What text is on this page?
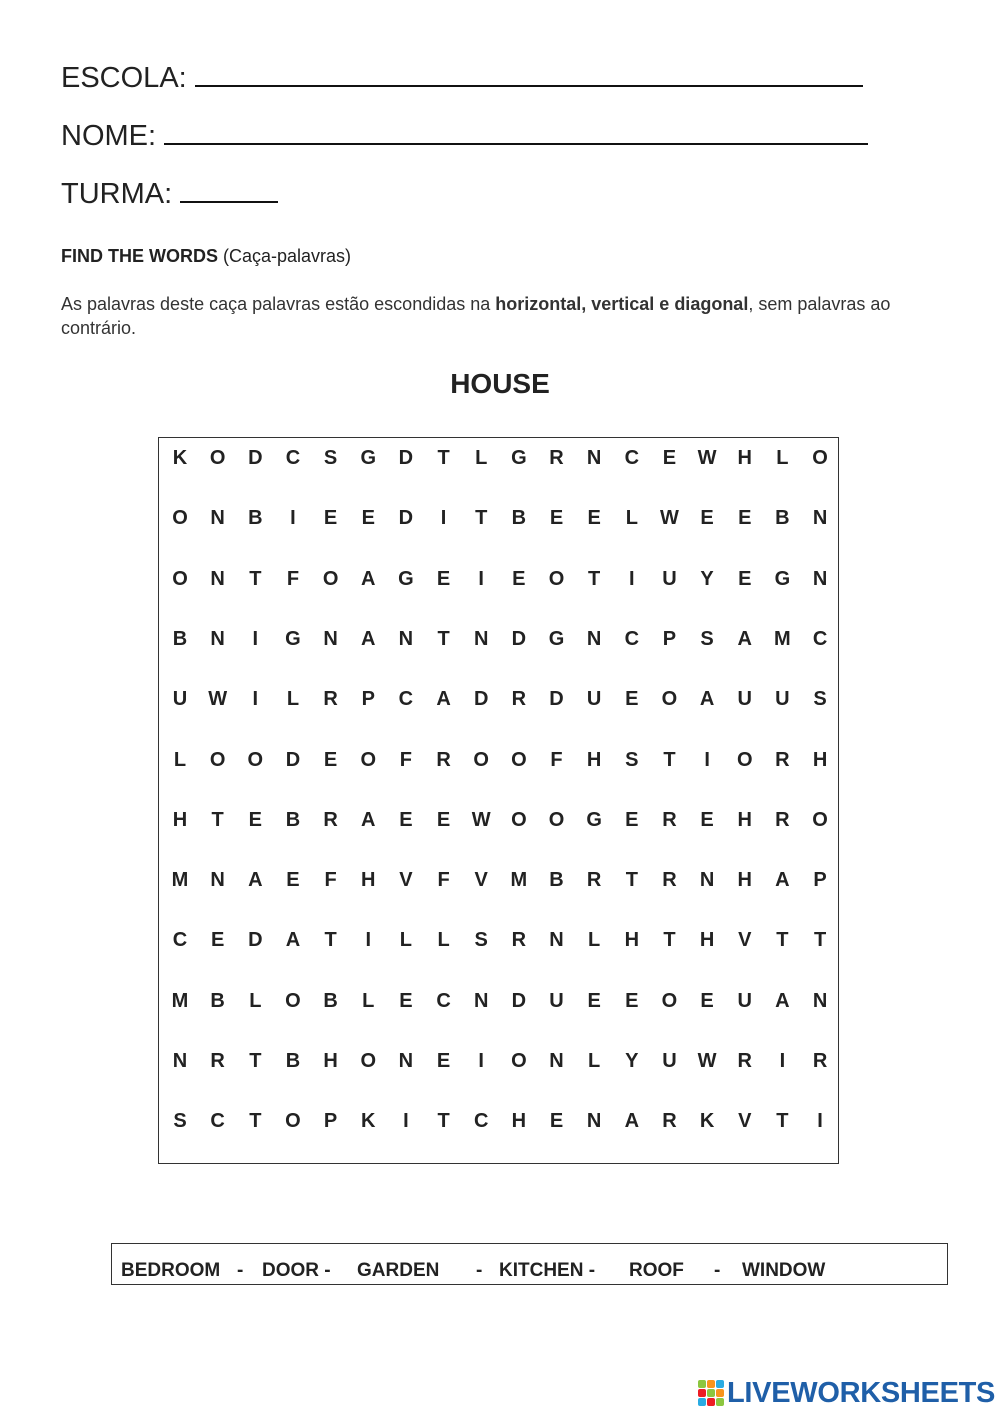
ESCOLA:
NOME:
TURMA:
FIND THE WORDS (Caça-palavras)
As palavras deste caça palavras estão escondidas na horizontal, vertical e diagonal, sem palavras ao contrário.
HOUSE
K	O	D	C	S	G	D	T	L	G	R	N	C	E	W	H	L	O
O	N	B	I	E	E	D	I	T	B	E	E	L	W	E	E	B	N
O	N	T	F	O	A	G	E	I	E	O	T	I	U	Y	E	G	N
B	N	I	G	N	A	N	T	N	D	G	N	C	P	S	A	M	C
U	W	I	L	R	P	C	A	D	R	D	U	E	O	A	U	U	S
L	O	O	D	E	O	F	R	O	O	F	H	S	T	I	O	R	H
H	T	E	B	R	A	E	E	W	O	O	G	E	R	E	H	R	O
M	N	A	E	F	H	V	F	V	M	B	R	T	R	N	H	A	P
C	E	D	A	T	I	L	L	S	R	N	L	H	T	H	V	T	T
M	B	L	O	B	L	E	C	N	D	U	E	E	O	E	U	A	N
N	R	T	B	H	O	N	E	I	O	N	L	Y	U	W	R	I	R
S	C	T	O	P	K	I	T	C	H	E	N	A	R	K	V	T	I
BEDROOM - DOOR - GARDEN - KITCHEN - ROOF - WINDOW
LIVEWORKSHEETS
